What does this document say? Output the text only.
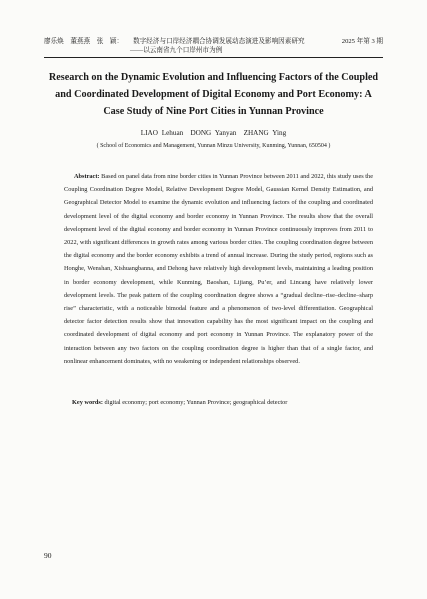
廖乐焕　董燕燕　张　颖： 数字经济与口岸经济耦合协调发展动态演进及影响因素研究
——以云南省九个口岸州市为例
2025 年第 3 期
Research on the Dynamic Evolution and Influencing Factors of the Coupled and Coordinated Development of Digital Economy and Port Economy: A Case Study of Nine Port Cities in Yunnan Province
LIAO Lehuan　DONG Yanyan　ZHANG Ying
( School of Economics and Management, Yunnan Minzu University, Kunming, Yunnan, 650504 )

Abstract: Based on panel data from nine border cities in Yunnan Province between 2011 and 2022, this study uses the Coupling Coordination Degree Model, Relative Development Degree Model, Gaussian Kernel Density Estimation, and Geographical Detector Model to examine the dynamic evolution and influencing factors of the coupling and coordinated development level of the digital economy and border economy in Yunnan Province. The results show that the overall development level of the digital economy and border economy in Yunnan Province continuously improves from 2011 to 2022, with significant differences in growth rates among various border cities. The coupling coordination degree between the digital economy and the border economy exhibits a trend of annual increase. During the study period, regions such as Honghe, Wenshan, Xishuangbanna, and Dehong have relatively high development levels, maintaining a leading position in border economy development, while Kunming, Baoshan, Lijiang, Pu’er, and Lincang have relatively lower development levels. The peak pattern of the coupling coordination degree shows a “gradual decline–rise–decline–sharp rise” characteristic, with a noticeable bimodal feature and a phenomenon of two-level differentiation. Geographical detector factor detection results show that innovation capability has the most significant impact on the coupling and coordinated development of digital economy and port economy in Yunnan Province. The explanatory power of the interaction between any two factors on the coupling coordination degree is higher than that of a single factor, and nonlinear enhancement dominates, with no weakening or independent relationships observed.

Key words: digital economy; port economy; Yunnan Province; geographical detector
90
